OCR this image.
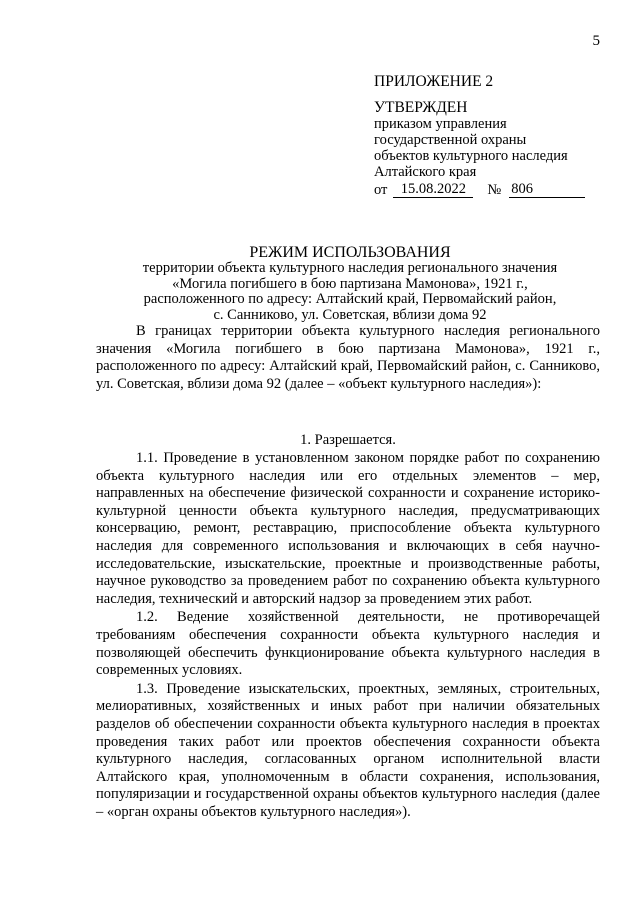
5
ПРИЛОЖЕНИЕ 2
УТВЕРЖДЕН
приказом управления
государственной охраны
объектов культурного наследия
Алтайского края
от 15.08.2022	№ 806
РЕЖИМ ИСПОЛЬЗОВАНИЯ
территории объекта культурного наследия регионального значения
«Могила погибшего в бою партизана Мамонова», 1921 г.,
расположенного по адресу: Алтайский край, Первомайский район,
с. Санниково, ул. Советская, вблизи дома 92

В границах территории объекта культурного наследия регионального значения «Могила погибшего в бою партизана Мамонова», 1921 г., расположенного по адресу: Алтайский край, Первомайский район, с. Санниково, ул. Советская, вблизи дома 92 (далее – «объект культурного наследия»):

1. Разрешается.

1.1. Проведение в установленном законом порядке работ по сохранению объекта культурного наследия или его отдельных элементов – мер, направленных на обеспечение физической сохранности и сохранение историко-культурной ценности объекта культурного наследия, предусматривающих консервацию, ремонт, реставрацию, приспособление объекта культурного наследия для современного использования и включающих в себя научно-исследовательские, изыскательские, проектные и производственные работы, научное руководство за проведением работ по сохранению объекта культурного наследия, технический и авторский надзор за проведением этих работ.

1.2. Ведение хозяйственной деятельности, не противоречащей требованиям обеспечения сохранности объекта культурного наследия и позволяющей обеспечить функционирование объекта культурного наследия в современных условиях.

1.3. Проведение изыскательских, проектных, земляных, строительных, мелиоративных, хозяйственных и иных работ при наличии обязательных разделов об обеспечении сохранности объекта культурного наследия в проектах проведения таких работ или проектов обеспечения сохранности объекта культурного наследия, согласованных органом исполнительной власти Алтайского края, уполномоченным в области сохранения, использования, популяризации и государственной охраны объектов культурного наследия (далее – «орган охраны объектов культурного наследия»).
